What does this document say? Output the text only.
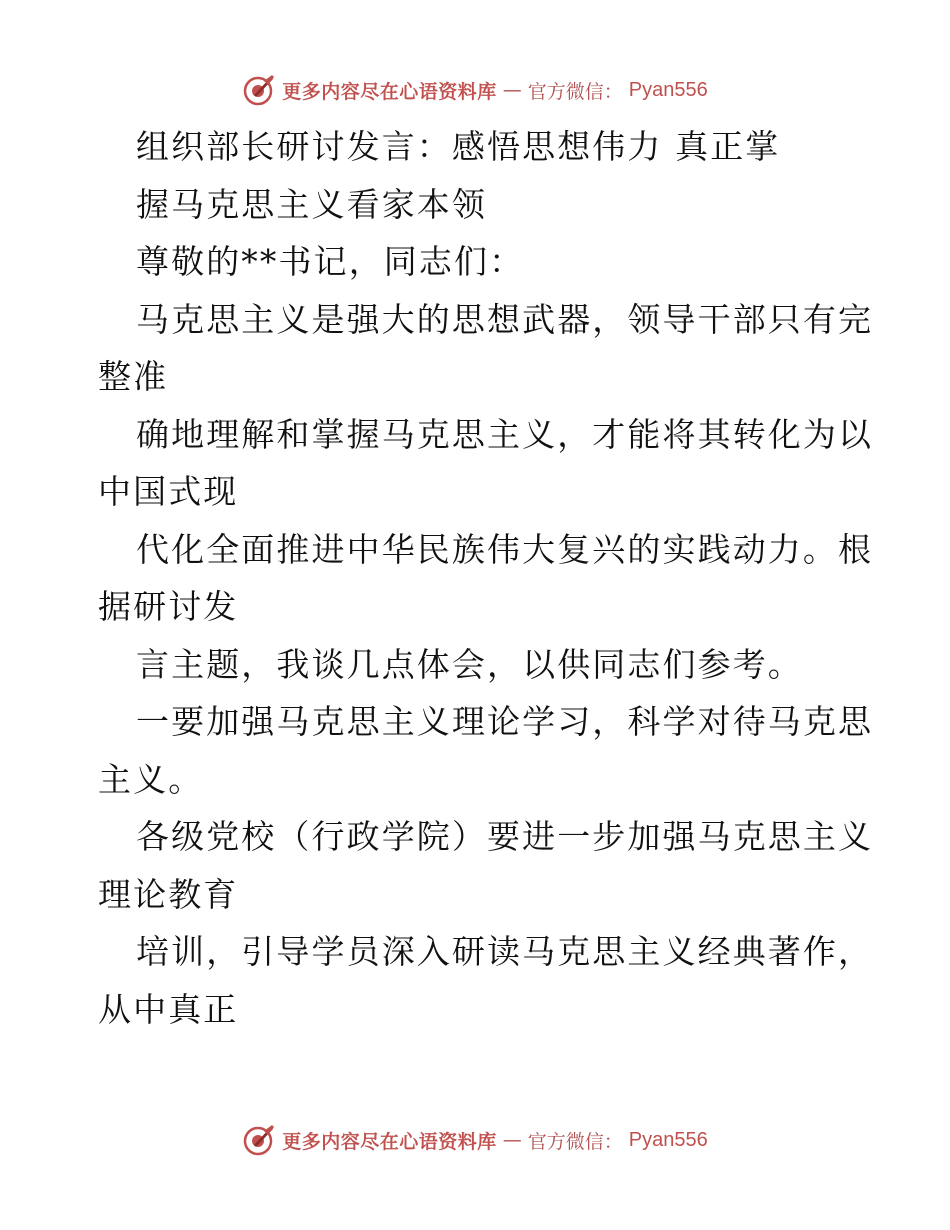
更多内容尽在心语资料库 — 官方微信： Pyan556
组织部长研讨发言：感悟思想伟力 真正掌
握马克思主义看家本领
尊敬的**书记，同志们：
马克思主义是强大的思想武器，领导干部只有完
整准
确地理解和掌握马克思主义，才能将其转化为以
中国式现
代化全面推进中华民族伟大复兴的实践动力。根
据研讨发
言主题，我谈几点体会，以供同志们参考。
一要加强马克思主义理论学习，科学对待马克思
主义。
各级党校（行政学院）要进一步加强马克思主义
理论教育
培训，引导学员深入研读马克思主义经典著作，
从中真正
更多内容尽在心语资料库 — 官方微信： Pyan556
